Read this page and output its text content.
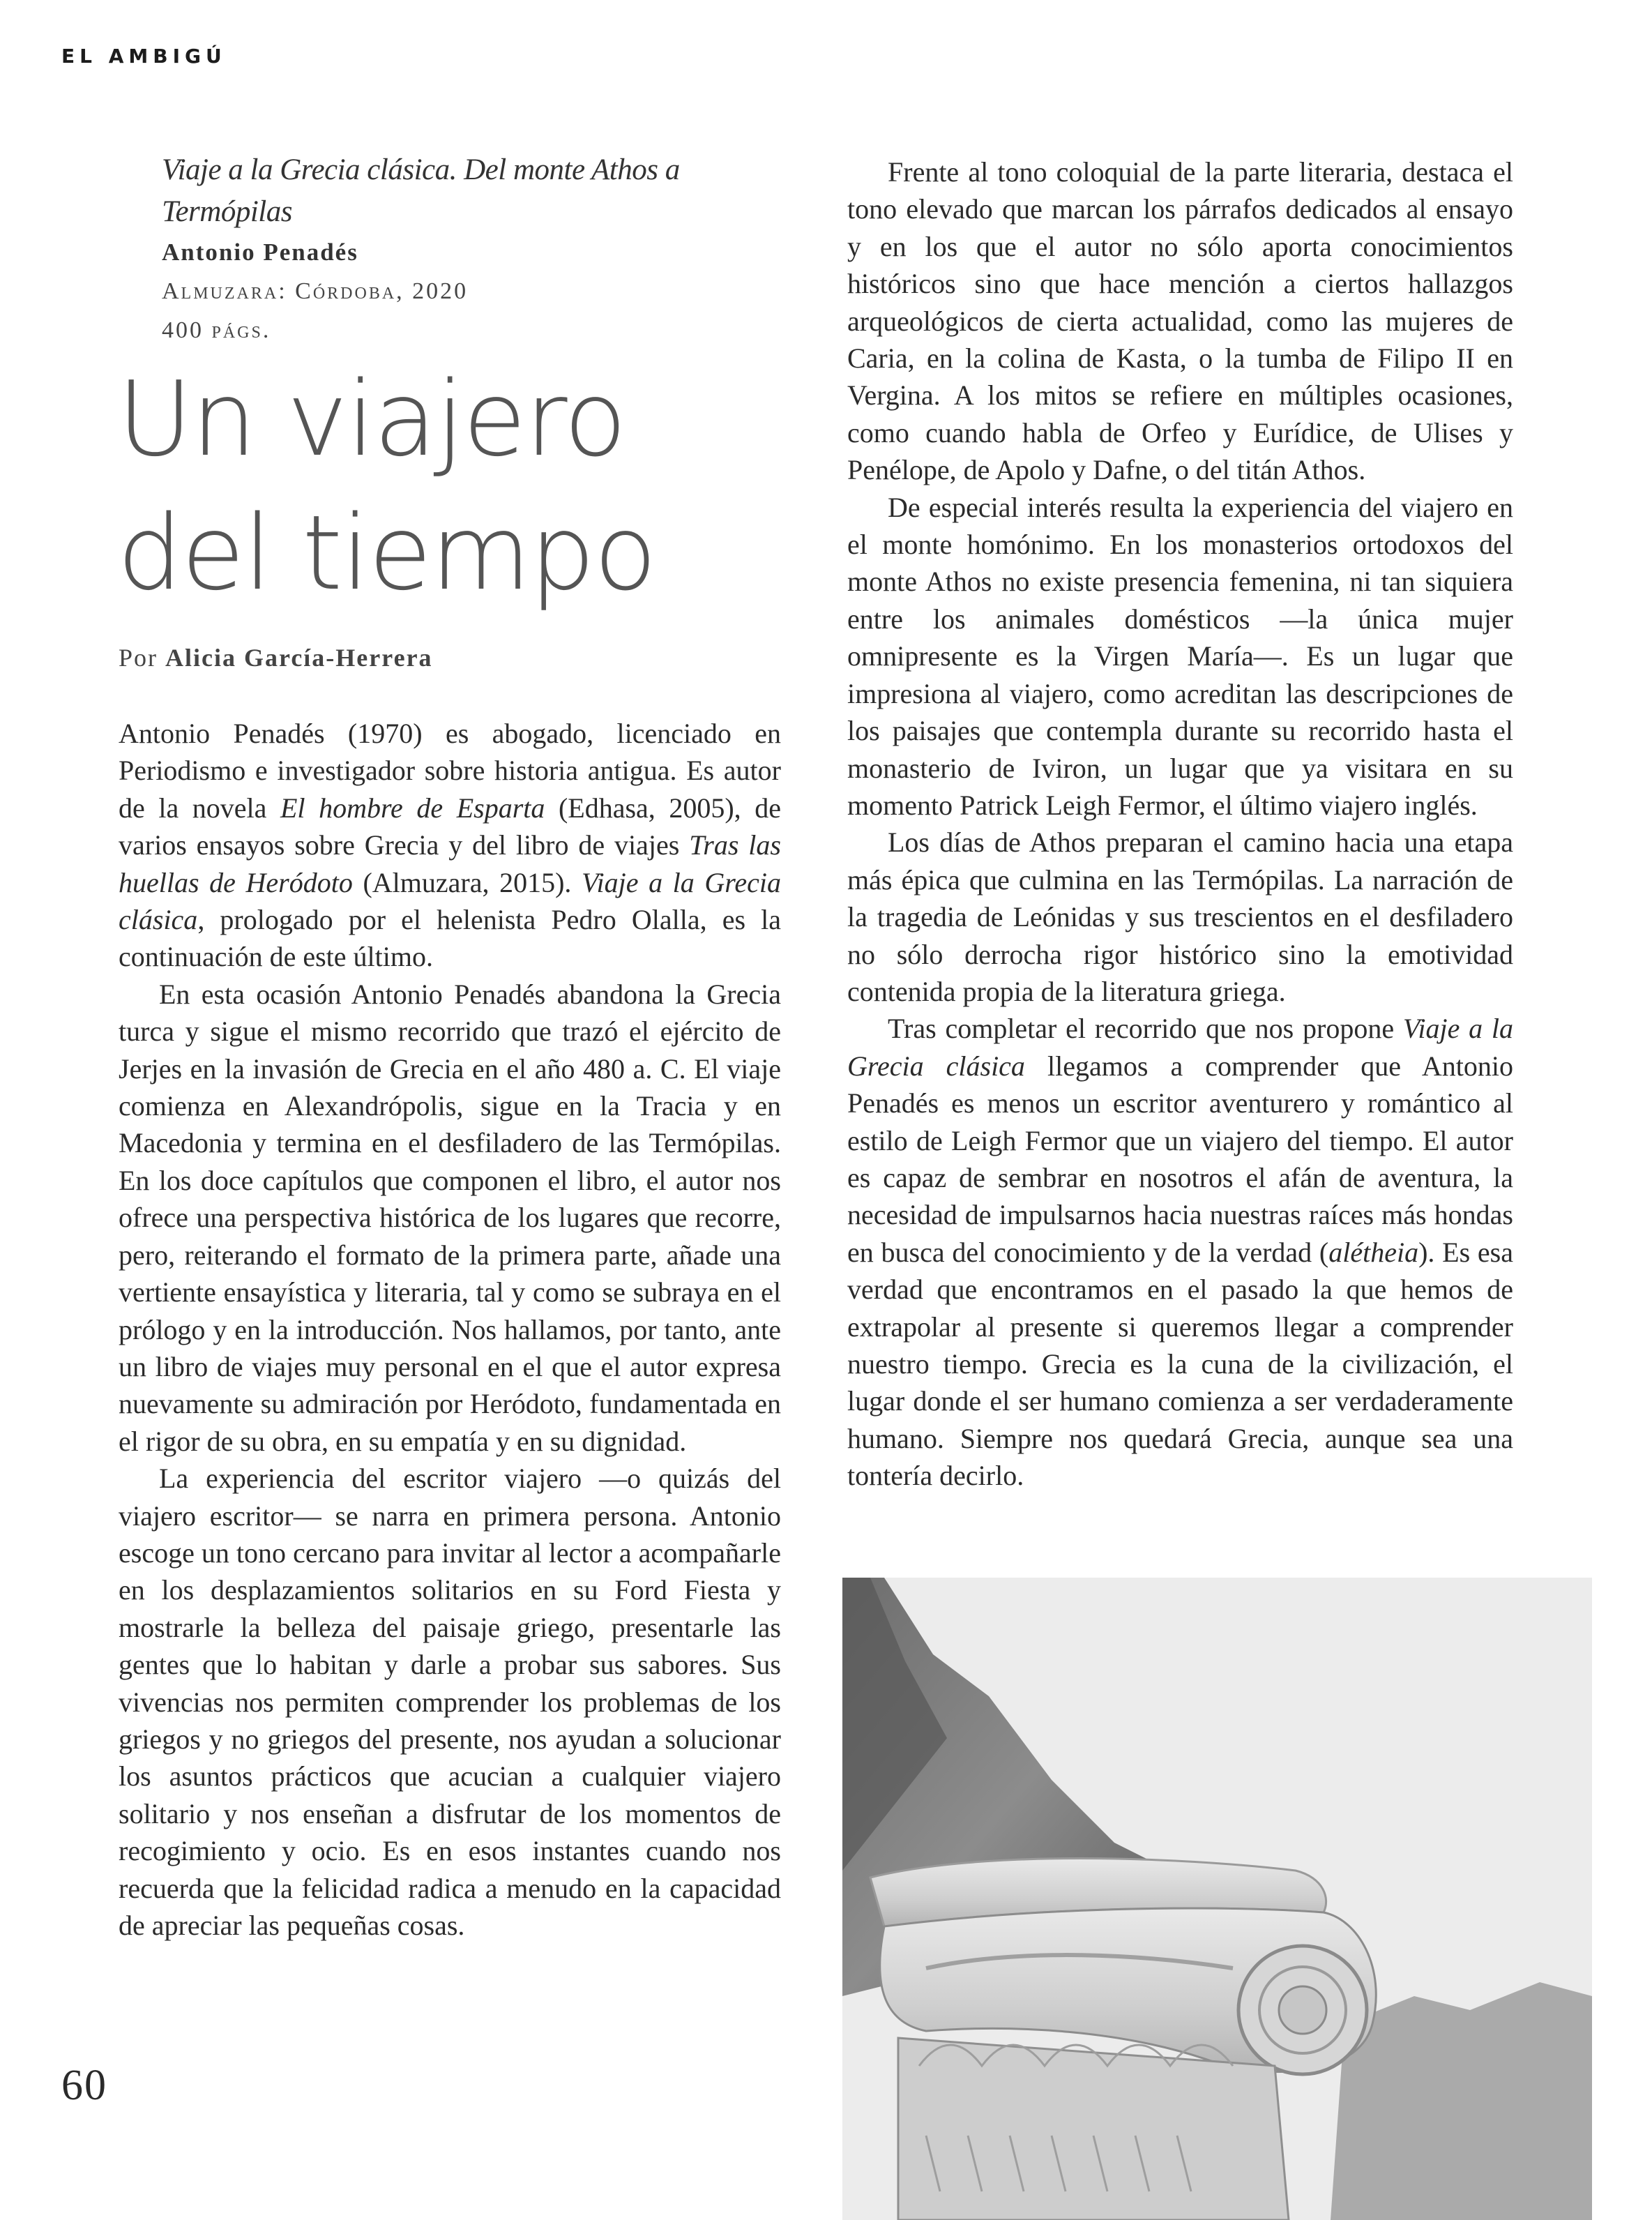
EL AMBIGÚ
Viaje a la Grecia clásica. Del monte Athos a Termópilas
Antonio Penadés
Almuzara: Córdoba, 2020
400 págs.
Un viajero
del tiempo
Por Alicia García-Herrera

Antonio Penadés (1970) es abogado, licenciado en Periodismo e investigador sobre historia antigua. Es autor de la novela El hombre de Esparta (Edhasa, 2005), de varios ensayos sobre Grecia y del libro de viajes Tras las huellas de Heródoto (Almuzara, 2015). Viaje a la Grecia clásica, prologado por el helenista Pedro Olalla, es la continuación de este último.

En esta ocasión Antonio Penadés abandona la Grecia turca y sigue el mismo recorrido que trazó el ejército de Jerjes en la invasión de Grecia en el año 480 a. C. El viaje comienza en Alexandrópolis, sigue en la Tracia y en Macedonia y termina en el desfiladero de las Termópilas. En los doce capítulos que componen el libro, el autor nos ofrece una perspectiva histórica de los lugares que recorre, pero, reiterando el formato de la primera parte, añade una vertiente ensayística y literaria, tal y como se subraya en el prólogo y en la introducción. Nos hallamos, por tanto, ante un libro de viajes muy personal en el que el autor expresa nuevamente su admiración por Heródoto, fundamentada en el rigor de su obra, en su empatía y en su dignidad.

La experiencia del escritor viajero —o quizás del viajero escritor— se narra en primera persona. Antonio escoge un tono cercano para invitar al lector a acompañarle en los desplazamientos solitarios en su Ford Fiesta y mostrarle la belleza del paisaje griego, presentarle las gentes que lo habitan y darle a probar sus sabores. Sus vivencias nos permiten comprender los problemas de los griegos y no griegos del presente, nos ayudan a solucionar los asuntos prácticos que acucian a cualquier viajero solitario y nos enseñan a disfrutar de los momentos de recogimiento y ocio. Es en esos instantes cuando nos recuerda que la felicidad radica a menudo en la capacidad de apreciar las pequeñas cosas.

Frente al tono coloquial de la parte literaria, destaca el tono elevado que marcan los párrafos dedicados al ensayo y en los que el autor no sólo aporta conocimientos históricos sino que hace mención a ciertos hallazgos arqueológicos de cierta actualidad, como las mujeres de Caria, en la colina de Kasta, o la tumba de Filipo II en Vergina. A los mitos se refiere en múltiples ocasiones, como cuando habla de Orfeo y Eurídice, de Ulises y Penélope, de Apolo y Dafne, o del titán Athos.

De especial interés resulta la experiencia del viajero en el monte homónimo. En los monasterios ortodoxos del monte Athos no existe presencia femenina, ni tan siquiera entre los animales domésticos —la única mujer omnipresente es la Virgen María—. Es un lugar que impresiona al viajero, como acreditan las descripciones de los paisajes que contempla durante su recorrido hasta el monasterio de Iviron, un lugar que ya visitara en su momento Patrick Leigh Fermor, el último viajero inglés.

Los días de Athos preparan el camino hacia una etapa más épica que culmina en las Termópilas. La narración de la tragedia de Leónidas y sus trescientos en el desfiladero no sólo derrocha rigor histórico sino la emotividad contenida propia de la literatura griega.

Tras completar el recorrido que nos propone Viaje a la Grecia clásica llegamos a comprender que Antonio Penadés es menos un escritor aventurero y romántico al estilo de Leigh Fermor que un viajero del tiempo. El autor es capaz de sembrar en nosotros el afán de aventura, la necesidad de impulsarnos hacia nuestras raíces más hondas en busca del conocimiento y de la verdad (alétheia). Es esa verdad que encontramos en el pasado la que hemos de extrapolar al presente si queremos llegar a comprender nuestro tiempo. Grecia es la cuna de la civilización, el lugar donde el ser humano comienza a ser verdaderamente humano. Siempre nos quedará Grecia, aunque sea una tontería decirlo.

60
